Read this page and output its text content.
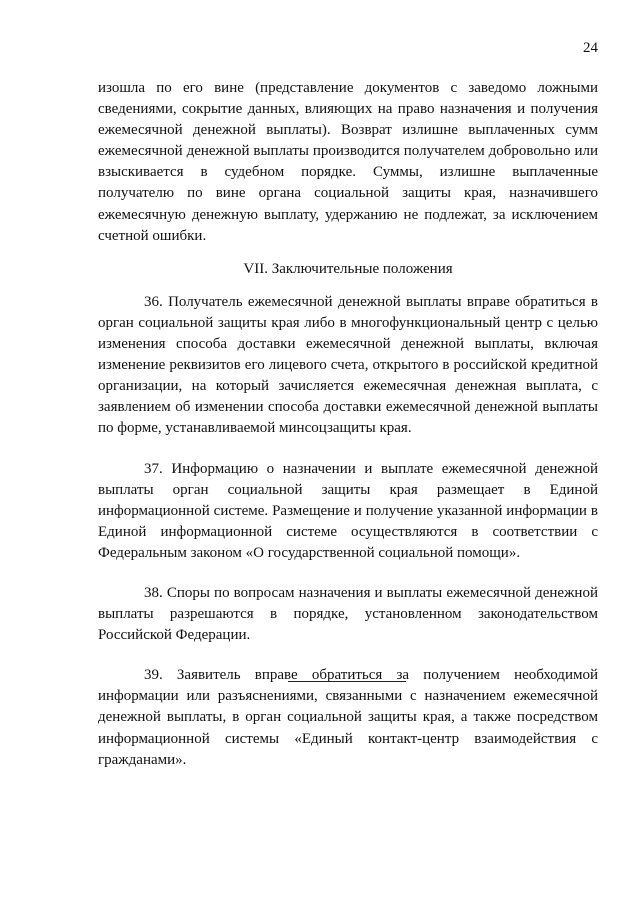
24

изошла по его вине (представление документов с заведомо ложными сведениями, сокрытие данных, влияющих на право назначения и получения ежемесячной денежной выплаты). Возврат излишне выплаченных сумм ежемесячной денежной выплаты производится получателем добровольно или взыскивается в судебном порядке. Суммы, излишне выплаченные получателю по вине органа социальной защиты края, назначившего ежемесячную денежную выплату, удержанию не подлежат, за исключением счетной ошибки.

VII. Заключительные положения

36. Получатель ежемесячной денежной выплаты вправе обратиться в орган социальной защиты края либо в многофункциональный центр с целью изменения способа доставки ежемесячной денежной выплаты, включая изменение реквизитов его лицевого счета, открытого в российской кредитной организации, на который зачисляется ежемесячная денежная выплата, с заявлением об изменении способа доставки ежемесячной денежной выплаты по форме, устанавливаемой минсоцзащиты края.

37. Информацию о назначении и выплате ежемесячной денежной выплаты орган социальной защиты края размещает в Единой информационной системе. Размещение и получение указанной информации в Единой информационной системе осуществляются в соответствии с Федеральным законом «О государственной социальной помощи».

38. Споры по вопросам назначения и выплаты ежемесячной денежной выплаты разрешаются в порядке, установленном законодательством Российской Федерации.

39. Заявитель вправе обратиться за получением необходимой информации или разъяснениями, связанными с назначением ежемесячной денежной выплаты, в орган социальной защиты края, а также посредством информационной системы «Единый контакт-центр взаимодействия с гражданами».
